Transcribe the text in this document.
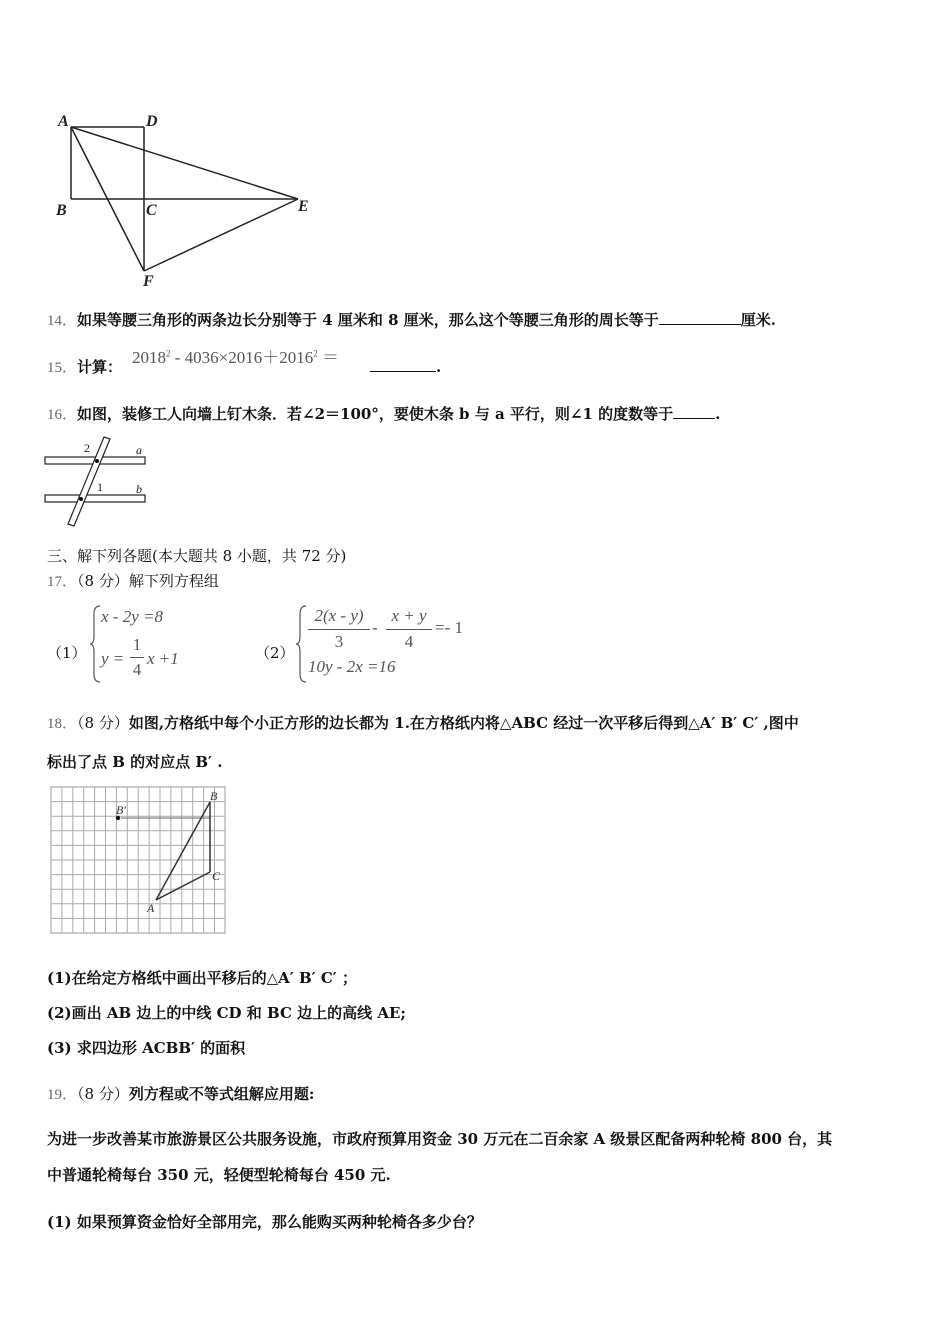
A	D
B	C	E
F
14．如果等腰三角形的两条边长分别等于 4 厘米和 8 厘米，那么这个等腰三角形的周长等于	厘米.
15．计算： $2018^2 - 4036\times 2016+2016^2$ ＝	.
16．如图，装修工人向墙上钉木条．若∠2＝100°，要使木条 b 与 a 平行，则∠1 的度数等于	.
2	a
1	b
三、解下列各题(本大题共 8 小题，共 72 分)
17．（8 分）解下列方程组
（1）
x - 2y =8
y =
1
4
x +1	（2）
2(x - y)
3
-
x + y
4
=- 1
10y - 2x =16
18．（8 分）如图,方格纸中每个小正方形的边长都为 1.在方格纸内将△ABC 经过一次平移后得到△A′ B′ C′ ,图中
标出了点 B 的对应点 B′ .
B′
B
C
A
(1)在给定方格纸中画出平移后的△A′ B′ C′ ；
(2)画出 AB 边上的中线 CD 和 BC 边上的高线 AE;
(3) 求四边形 ACBB′ 的面积
19．（8 分）列方程或不等式组解应用题:
为进一步改善某市旅游景区公共服务设施，市政府预算用资金 30 万元在二百余家 A 级景区配备两种轮椅 800 台，其
中普通轮椅每台 350 元，轻便型轮椅每台 450 元.
(1) 如果预算资金恰好全部用完，那么能购买两种轮椅各多少台？
